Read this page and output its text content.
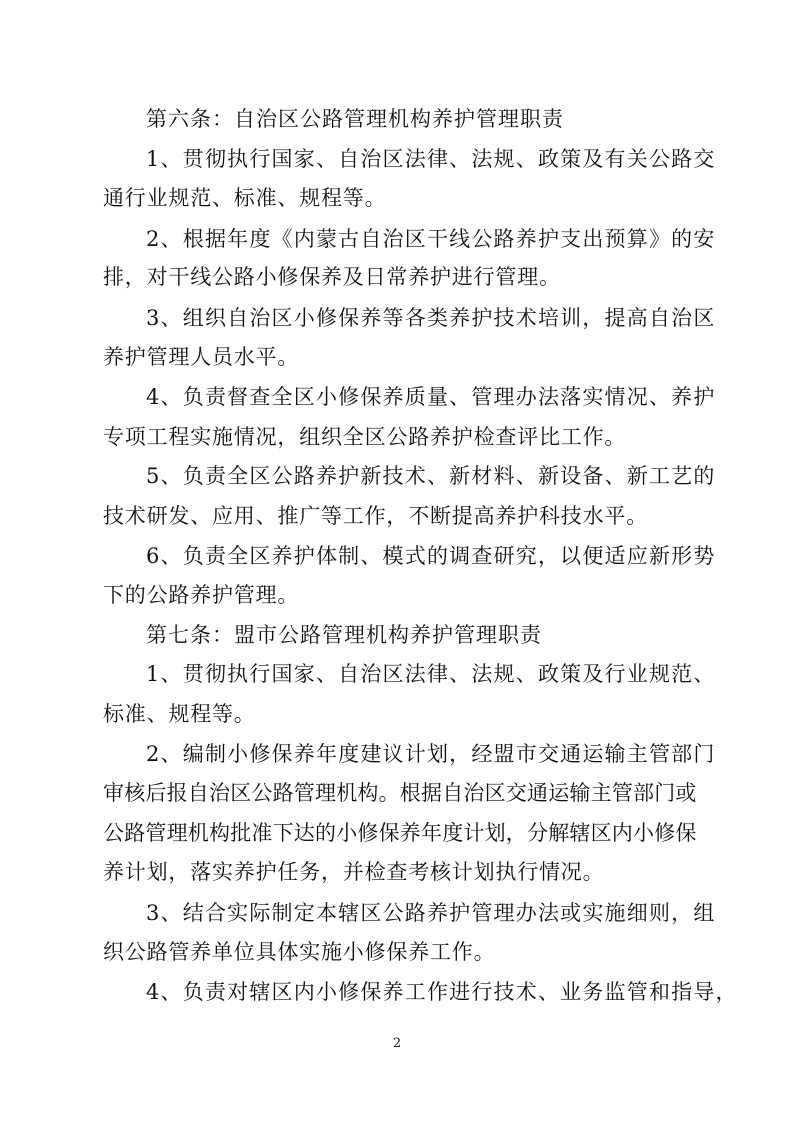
第六条：自治区公路管理机构养护管理职责
1、贯彻执行国家、自治区法律、法规、政策及有关公路交
通行业规范、标准、规程等。
2、根据年度《内蒙古自治区干线公路养护支出预算》的安
排，对干线公路小修保养及日常养护进行管理。
3、组织自治区小修保养等各类养护技术培训，提高自治区
养护管理人员水平。
4、负责督查全区小修保养质量、管理办法落实情况、养护
专项工程实施情况，组织全区公路养护检查评比工作。
5、负责全区公路养护新技术、新材料、新设备、新工艺的
技术研发、应用、推广等工作，不断提高养护科技水平。
6、负责全区养护体制、模式的调查研究，以便适应新形势
下的公路养护管理。
第七条：盟市公路管理机构养护管理职责
1、贯彻执行国家、自治区法律、法规、政策及行业规范、
标准、规程等。
2、编制小修保养年度建议计划，经盟市交通运输主管部门
审核后报自治区公路管理机构。根据自治区交通运输主管部门或
公路管理机构批准下达的小修保养年度计划，分解辖区内小修保
养计划，落实养护任务，并检查考核计划执行情况。
3、结合实际制定本辖区公路养护管理办法或实施细则，组
织公路管养单位具体实施小修保养工作。
4、负责对辖区内小修保养工作进行技术、业务监管和指导，
2
